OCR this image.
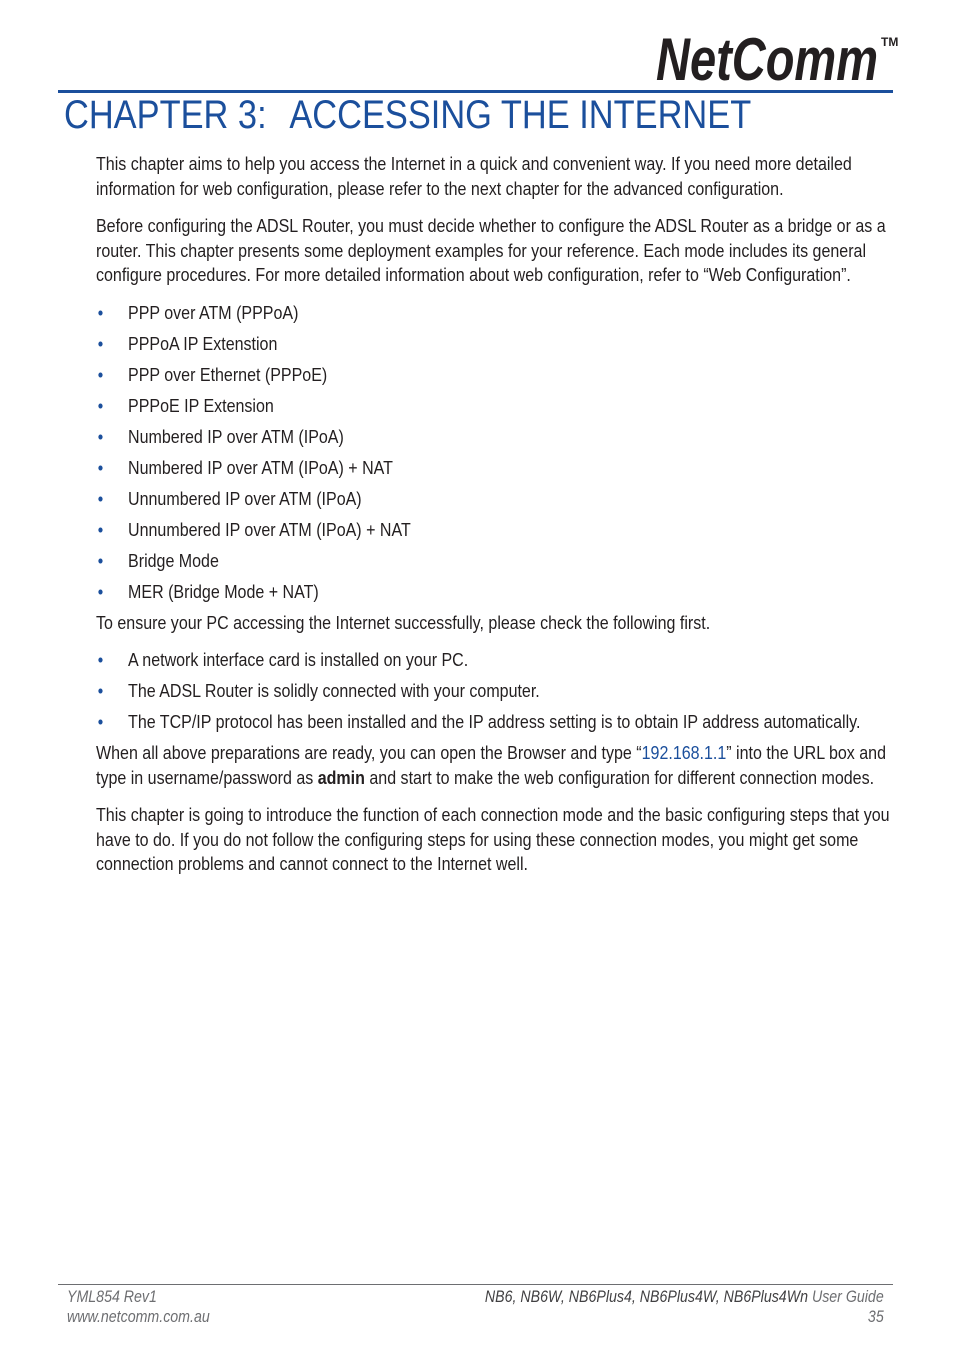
NetComm TM
CHAPTER 3: ACCESSING THE INTERNET

This chapter aims to help you access the Internet in a quick and convenient way. If you need more detailed information for web configuration, please refer to the next chapter for the advanced configuration.

Before configuring the ADSL Router, you must decide whether to configure the ADSL Router as a bridge or as a router. This chapter presents some deployment examples for your reference. Each mode includes its general configure procedures. For more detailed information about web configuration, refer to “Web Configuration”.

• PPP over ATM (PPPoA)
• PPPoA IP Extenstion
• PPP over Ethernet (PPPoE)
• PPPoE IP Extension
• Numbered IP over ATM (IPoA)
• Numbered IP over ATM (IPoA) + NAT
• Unnumbered IP over ATM (IPoA)
• Unnumbered IP over ATM (IPoA) + NAT
• Bridge Mode
• MER (Bridge Mode + NAT)

To ensure your PC accessing the Internet successfully, please check the following first.

• A network interface card is installed on your PC.
• The ADSL Router is solidly connected with your computer.
• The TCP/IP protocol has been installed and the IP address setting is to obtain IP address automatically.

When all above preparations are ready, you can open the Browser and type “192.168.1.1” into the URL box and type in username/password as admin and start to make the web configuration for different connection modes.

This chapter is going to introduce the function of each connection mode and the basic configuring steps that you have to do. If you do not follow the configuring steps for using these connection modes, you might get some connection problems and cannot connect to the Internet well.

YML854 Rev1
www.netcomm.com.au
NB6, NB6W, NB6Plus4, NB6Plus4W, NB6Plus4Wn User Guide
35
